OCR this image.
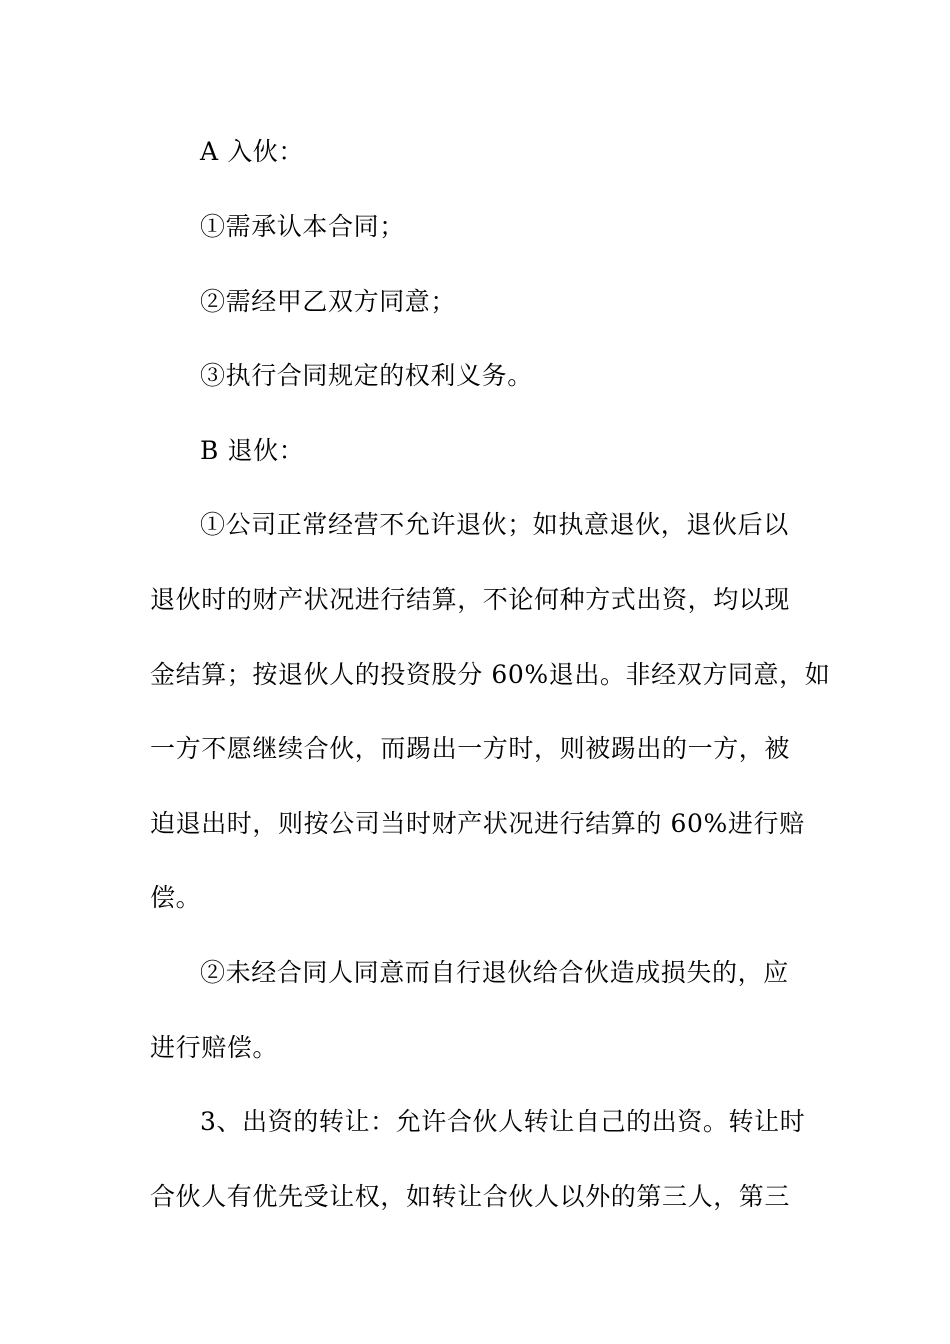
A 入伙：
①需承认本合同；
②需经甲乙双方同意；
③执行合同规定的权利义务。
B 退伙：
①公司正常经营不允许退伙；如执意退伙，退伙后以
退伙时的财产状况进行结算，不论何种方式出资，均以现
金结算；按退伙人的投资股分 60%退出。非经双方同意，如
一方不愿继续合伙，而踢出一方时，则被踢出的一方，被
迫退出时，则按公司当时财产状况进行结算的 60%进行赔
偿。
②未经合同人同意而自行退伙给合伙造成损失的，应
进行赔偿。
3、出资的转让：允许合伙人转让自己的出资。转让时
合伙人有优先受让权，如转让合伙人以外的第三人，第三
